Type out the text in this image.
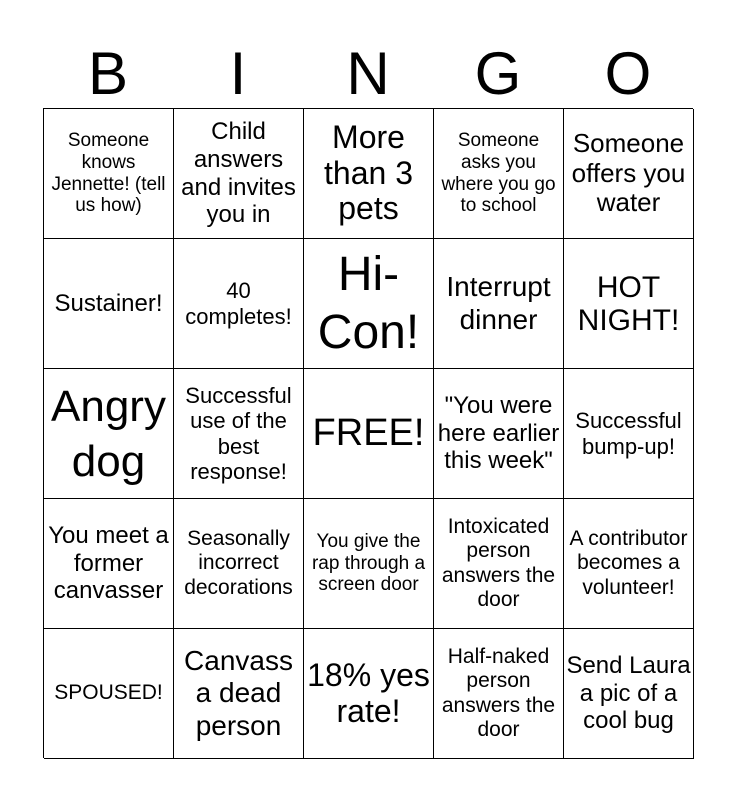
B	I	N	G	O
Someone knows Jennette! (tell us how)
Child answers and invites you in
More than 3 pets
Someone asks you where you go to school
Someone offers you water
Sustainer!	40 completes!
Hi-Con!
Interrupt dinner
HOT NIGHT!
Angry dog
Successful use of the best response!
FREE!
"You were here earlier this week"
Successful bump-up!
You meet a former canvasser
Seasonally incorrect decorations
You give the rap through a screen door
Intoxicated person answers the door
A contributor becomes a volunteer!
SPOUSED!
Canvass a dead person
18% yes rate!
Half-naked person answers the door
Send Laura a pic of a cool bug
